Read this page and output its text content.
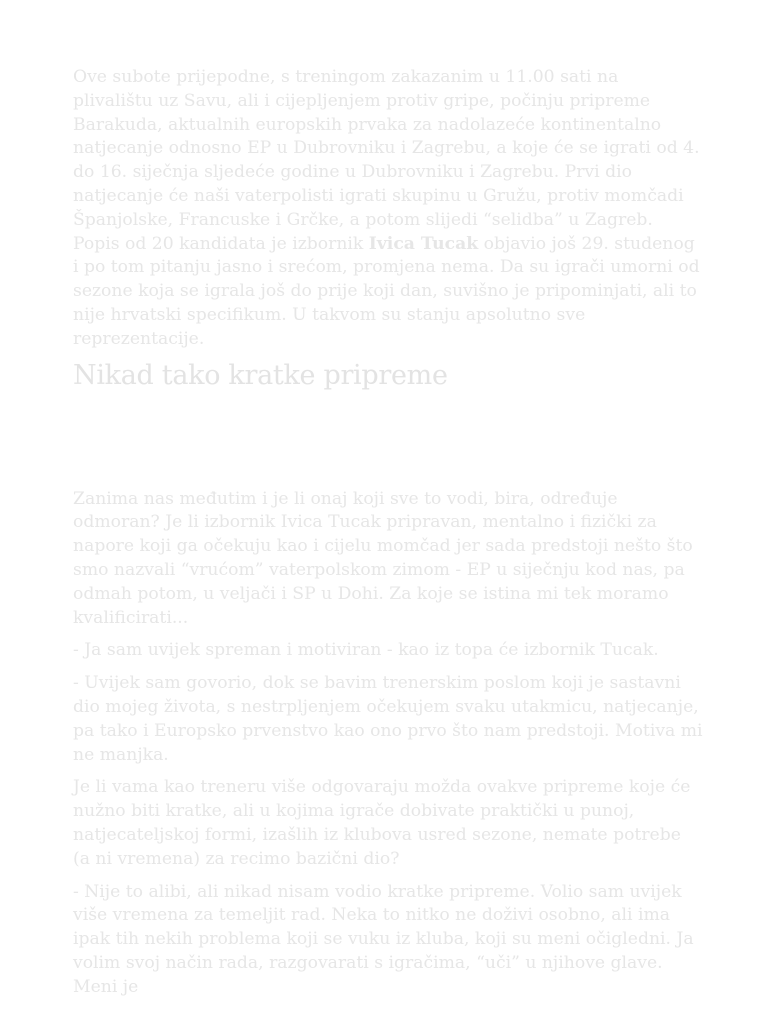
Ove subote prijepodne, s treningom zakazanim u 11.00 sati na plivalištu uz Savu, ali i cijepljenjem protiv gripe, počinju pripreme Barakuda, aktualnih europskih prvaka za nadolazeće kontinentalno natjecanje odnosno EP u Dubrovniku i Zagrebu, a koje će se igrati od 4. do 16. siječnja sljedeće godine u Dubrovniku i Zagrebu. Prvi dio natjecanje će naši vaterpolisti igrati skupinu u Gružu, protiv momčadi Španjolske, Francuske i Grčke, a potom slijedi “selidba” u Zagreb. Popis od 20 kandidata je izbornik Ivica Tucak objavio još 29. studenog i po tom pitanju jasno i srećom, promjena nema. Da su igrači umorni od sezone koja se igrala još do prije koji dan, suvišno je pripominjati, ali to nije hrvatski specifikum. U takvom su stanju apsolutno sve reprezentacije.

Nikad tako kratke pripreme

Zanima nas međutim i je li onaj koji sve to vodi, bira, određuje odmoran? Je li izbornik Ivica Tucak pripravan, mentalno i fizički za napore koji ga očekuju kao i cijelu momčad jer sada predstoji nešto što smo nazvali “vrućom” vaterpolskom zimom - EP u siječnju kod nas, pa odmah potom, u veljači i SP u Dohi. Za koje se istina mi tek moramo kvalificirati...

- Ja sam uvijek spreman i motiviran - kao iz topa će izbornik Tucak.

- Uvijek sam govorio, dok se bavim trenerskim poslom koji je sastavni dio mojeg života, s nestrpljenjem očekujem svaku utakmicu, natjecanje, pa tako i Europsko prvenstvo kao ono prvo što nam predstoji. Motiva mi ne manjka.

Je li vama kao treneru više odgovaraju možda ovakve pripreme koje će nužno biti kratke, ali u kojima igrače dobivate praktički u punoj, natjecateljskoj formi, izašlih iz klubova usred sezone, nemate potrebe (a ni vremena) za recimo bazični dio?

- Nije to alibi, ali nikad nisam vodio kratke pripreme. Volio sam uvijek više vremena za temeljit rad. Neka to nitko ne doživi osobno, ali ima ipak tih nekih problema koji se vuku iz kluba, koji su meni očigledni. Ja volim svoj način rada, razgovarati s igračima, “uči” u njihove glave. Meni je
